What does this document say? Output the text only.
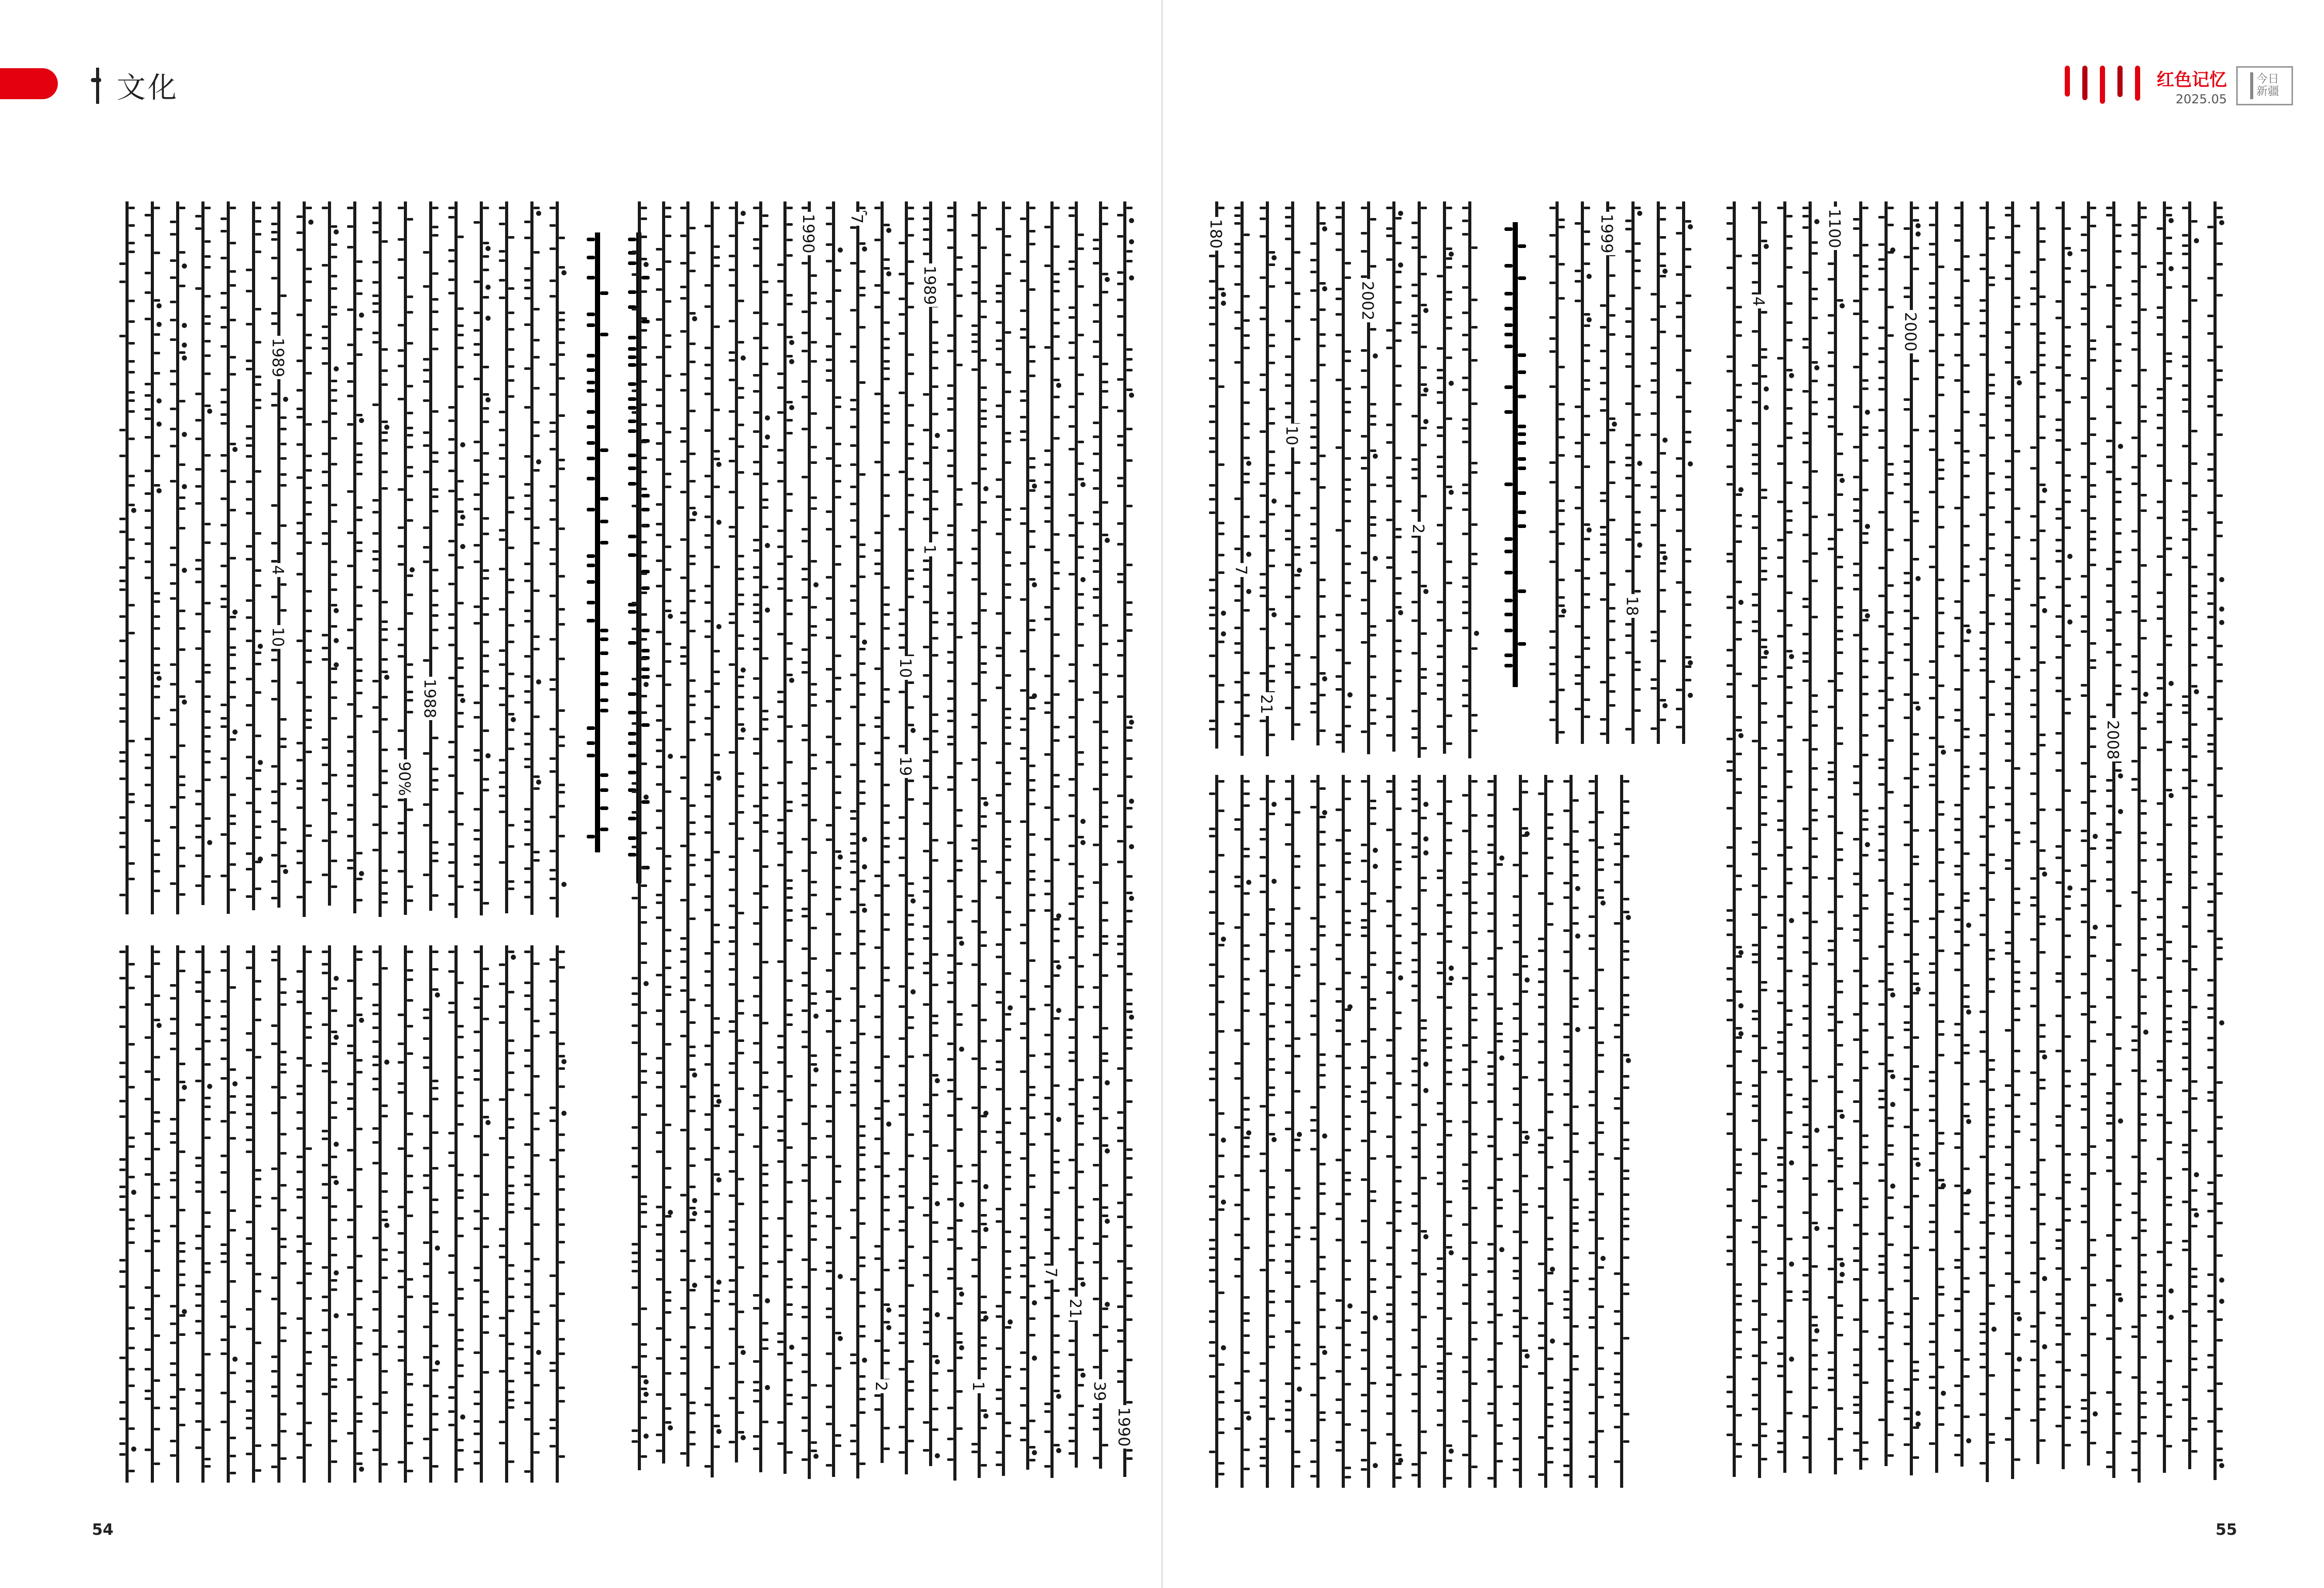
文化	红色记忆
2025.05
今日新疆
1989
4
10
90%
1988
1990 7
2
10
19
1989
1
1
7
21
39
1990
180
7
21
10
2002
2
1999
18
4
1100
2000
2008
54	55
